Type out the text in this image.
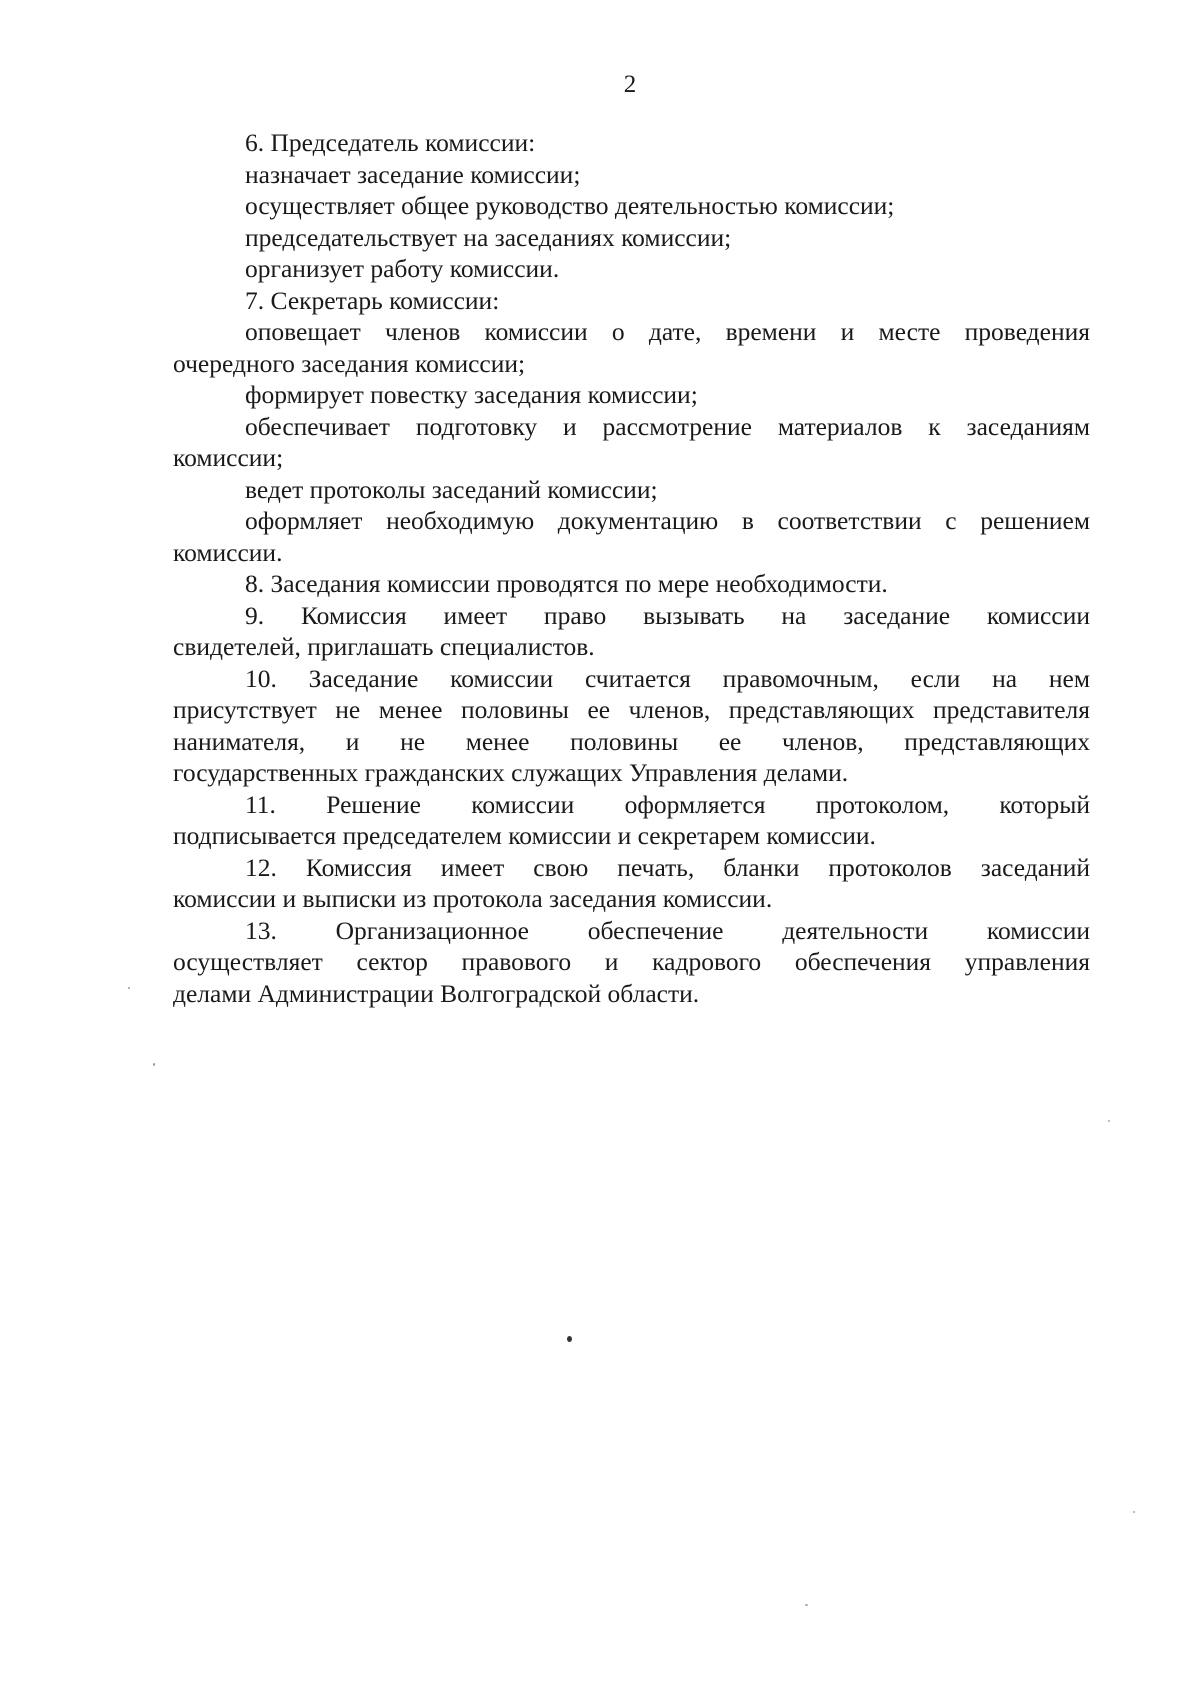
2
6. Председатель комиссии:
назначает заседание комиссии;
осуществляет общее руководство деятельностью комиссии;
председательствует на заседаниях комиссии;
организует работу комиссии.
7. Секретарь комиссии:
оповещает членов комиссии о дате, времени и месте проведения
очередного заседания комиссии;
формирует повестку заседания комиссии;
обеспечивает подготовку и рассмотрение материалов к заседаниям
комиссии;
ведет протоколы заседаний комиссии;
оформляет необходимую документацию в соответствии с решением
комиссии.
8. Заседания комиссии проводятся по мере необходимости.
9. Комиссия имеет право вызывать на заседание комиссии
свидетелей, приглашать специалистов.
10. Заседание комиссии считается правомочным, если на нем
присутствует не менее половины ее членов, представляющих представителя
нанимателя, и не менее половины ее членов, представляющих
государственных гражданских служащих Управления делами.
11. Решение комиссии оформляется протоколом, который
подписывается председателем комиссии и секретарем комиссии.
12. Комиссия имеет свою печать, бланки протоколов заседаний
комиссии и выписки из протокола заседания комиссии.
13. Организационное обеспечение деятельности комиссии
осуществляет сектор правового и кадрового обеспечения управления
делами Администрации Волгоградской области.
